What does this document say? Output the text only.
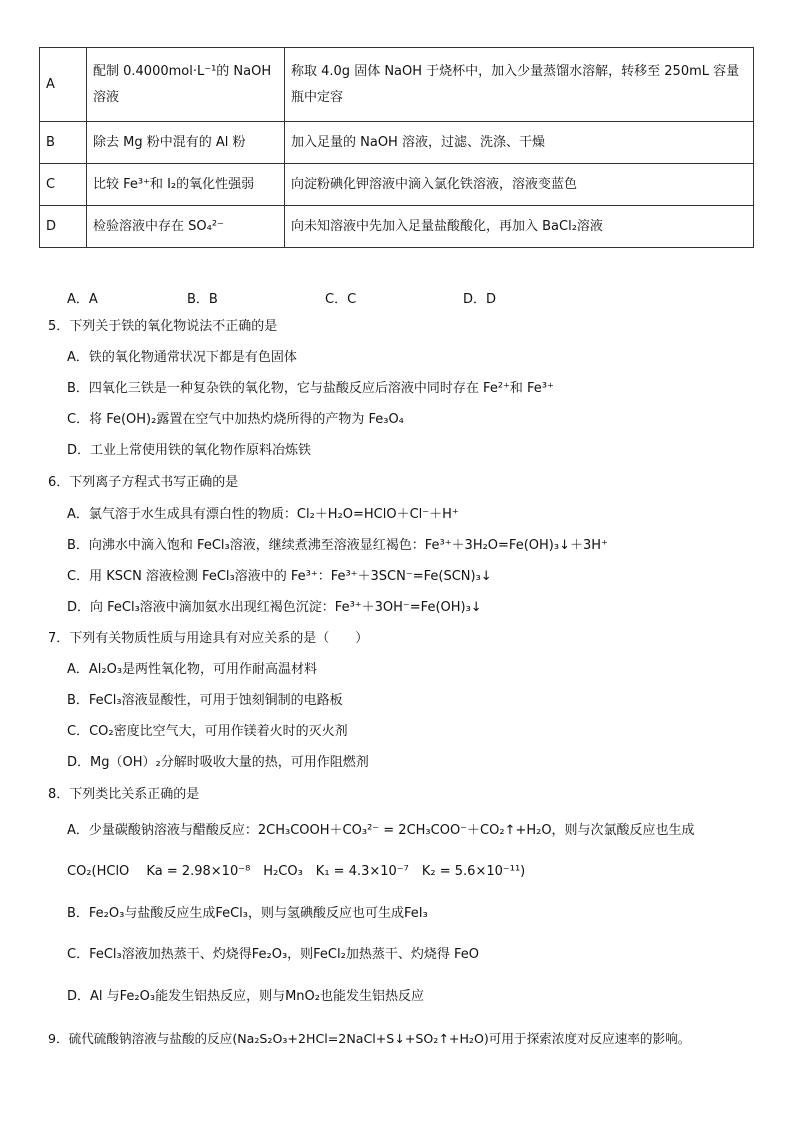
A	配制 0.4000mol·L⁻¹的 NaOH 溶液	称取 4.0g 固体 NaOH 于烧杯中，加入少量蒸馏水溶解，转移至 250mL 容量瓶中定容
B	除去 Mg 粉中混有的 Al 粉	加入足量的 NaOH 溶液，过滤、洗涤、干燥
C	比较 Fe³⁺和 I₂的氧化性强弱	向淀粉碘化钾溶液中滴入氯化铁溶液，溶液变蓝色
D	检验溶液中存在 SO₄²⁻	向未知溶液中先加入足量盐酸酸化，再加入 BaCl₂溶液
A．A	B．B	C．C	D．D
5．下列关于铁的氧化物说法不正确的是
A．铁的氧化物通常状况下都是有色固体
B．四氧化三铁是一种复杂铁的氧化物，它与盐酸反应后溶液中同时存在 Fe²⁺和 Fe³⁺
C．将 Fe(OH)₂露置在空气中加热灼烧所得的产物为 Fe₃O₄
D．工业上常使用铁的氧化物作原料冶炼铁
6．下列离子方程式书写正确的是
A．氯气溶于水生成具有漂白性的物质：Cl₂＋H₂O=HClO＋Cl⁻＋H⁺
B．向沸水中滴入饱和 FeCl₃溶液，继续煮沸至溶液显红褐色：Fe³⁺＋3H₂O=Fe(OH)₃↓＋3H⁺
C．用 KSCN 溶液检测 FeCl₃溶液中的 Fe³⁺：Fe³⁺＋3SCN⁻=Fe(SCN)₃↓
D．向 FeCl₃溶液中滴加氨水出现红褐色沉淀：Fe³⁺＋3OH⁻=Fe(OH)₃↓
7．下列有关物质性质与用途具有对应关系的是（　　）
A．Al₂O₃是两性氧化物，可用作耐高温材料
B．FeCl₃溶液显酸性，可用于蚀刻铜制的电路板
C．CO₂密度比空气大，可用作镁着火时的灭火剂
D．Mg（OH）₂分解时吸收大量的热，可用作阻燃剂
8．下列类比关系正确的是
A．少量碳酸钠溶液与醋酸反应：2CH₃COOH＋CO₃²⁻ = 2CH₃COO⁻＋CO₂↑+H₂O，则与次氯酸反应也生成
CO₂(HClO　 Ka = 2.98×10⁻⁸　H₂CO₃　K₁ = 4.3×10⁻⁷　K₂ = 5.6×10⁻¹¹)
B．Fe₂O₃与盐酸反应生成FeCl₃，则与氢碘酸反应也可生成FeI₃
C．FeCl₃溶液加热蒸干、灼烧得Fe₂O₃，则FeCl₂加热蒸干、灼烧得 FeO
D．Al 与Fe₂O₃能发生铝热反应，则与MnO₂也能发生铝热反应
9．硫代硫酸钠溶液与盐酸的反应(Na₂S₂O₃+2HCl=2NaCl+S↓+SO₂↑+H₂O)可用于探索浓度对反应速率的影响。
